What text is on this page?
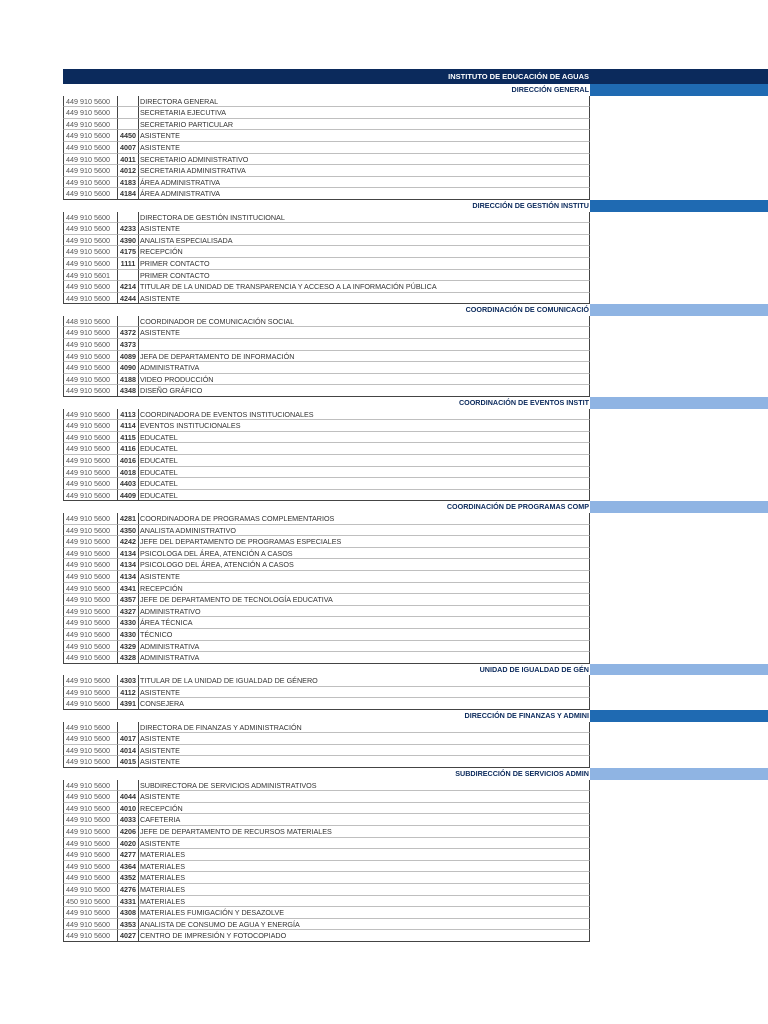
INSTITUTO DE EDUCACIÓN DE AGUAS
DIRECCIÓN GENERAL
449 910 5600	DIRECTORA GENERAL
449 910 5600	SECRETARIA EJECUTIVA
449 910 5600	SECRETARIO PARTICULAR
449 910 5600	4450 ASISTENTE
449 910 5600	4007 ASISTENTE
449 910 5600	4011 SECRETARIO ADMINISTRATIVO
449 910 5600	4012 SECRETARIA ADMINISTRATIVA
449 910 5600	4183 ÁREA ADMINISTRATIVA
449 910 5600	4184 ÁREA ADMINISTRATIVA
DIRECCIÓN DE GESTIÓN INSTITU
449 910 5600	DIRECTORA DE GESTIÓN INSTITUCIONAL
449 910 5600	4233 ASISTENTE
449 910 5600	4390 ANALISTA ESPECIALISADA
449 910 5600	4175 RECEPCIÓN
449 910 5600	1111 PRIMER CONTACTO
449 910 5601	PRIMER CONTACTO
449 910 5600	4214 TITULAR DE LA UNIDAD DE TRANSPARENCIA Y ACCESO A LA INFORMACIÓN PÚBLICA
449 910 5600	4244 ASISTENTE
COORDINACIÓN DE COMUNICACIÓ
448 910 5600	COORDINADOR DE COMUNICACIÓN SOCIAL
449 910 5600	4372 ASISTENTE
449 910 5600	4373
449 910 5600	4089 JEFA DE DEPARTAMENTO DE INFORMACIÓN
449 910 5600	4090 ADMINISTRATIVA
449 910 5600	4188 VIDEO PRODUCCIÓN
449 910 5600	4348 DISEÑO GRÁFICO
COORDINACIÓN DE EVENTOS INSTIT
449 910 5600	4113 COORDINADORA DE EVENTOS INSTITUCIONALES
449 910 5600	4114 EVENTOS INSTITUCIONALES
449 910 5600	4115 EDUCATEL
449 910 5600	4116 EDUCATEL
449 910 5600	4016 EDUCATEL
449 910 5600	4018 EDUCATEL
449 910 5600	4403 EDUCATEL
449 910 5600	4409 EDUCATEL
COORDINACIÓN DE PROGRAMAS COMP
449 910 5600	4281 COORDINADORA DE PROGRAMAS COMPLEMENTARIOS
449 910 5600	4350 ANALISTA ADMINISTRATIVO
449 910 5600	4242 JEFE DEL DEPARTAMENTO DE PROGRAMAS ESPECIALES
449 910 5600	4134 PSICOLOGA DEL ÁREA, ATENCIÓN A CASOS
449 910 5600	4134 PSICOLOGO DEL ÁREA, ATENCIÓN A CASOS
449 910 5600	4134 ASISTENTE
449 910 5600	4341 RECEPCIÓN
449 910 5600	4357 JEFE DE DEPARTAMENTO DE TECNOLOGÍA EDUCATIVA
449 910 5600	4327 ADMINISTRATIVO
449 910 5600	4330 ÁREA TÉCNICA
449 910 5600	4330 TÉCNICO
449 910 5600	4329 ADMINISTRATIVA
449 910 5600	4328 ADMINISTRATIVA
UNIDAD DE IGUALDAD DE GÉN
449 910 5600	4303 TITULAR DE LA UNIDAD DE IGUALDAD DE GÉNERO
449 910 5600	4112 ASISTENTE
449 910 5600	4391 CONSEJERA
DIRECCIÓN DE FINANZAS Y ADMINI
449 910 5600	DIRECTORA DE FINANZAS Y ADMINISTRACIÓN
449 910 5600	4017 ASISTENTE
449 910 5600	4014 ASISTENTE
449 910 5600	4015 ASISTENTE
SUBDIRECCIÓN DE SERVICIOS ADMIN
449 910 5600	SUBDIRECTORA DE SERVICIOS ADMINISTRATIVOS
449 910 5600	4044 ASISTENTE
449 910 5600	4010 RECEPCIÓN
449 910 5600	4033 CAFETERIA
449 910 5600	4206 JEFE DE DEPARTAMENTO DE RECURSOS MATERIALES
449 910 5600	4020 ASISTENTE
449 910 5600	4277 MATERIALES
449 910 5600	4364 MATERIALES
449 910 5600	4352 MATERIALES
449 910 5600	4276 MATERIALES
450 910 5600	4331 MATERIALES
449 910 5600	4308 MATERIALES FUMIGACIÓN Y DESAZOLVE
449 910 5600	4353 ANALISTA DE CONSUMO DE AGUA Y ENERGÍA
449 910 5600	4027 CENTRO DE IMPRESIÓN Y FOTOCOPIADO
